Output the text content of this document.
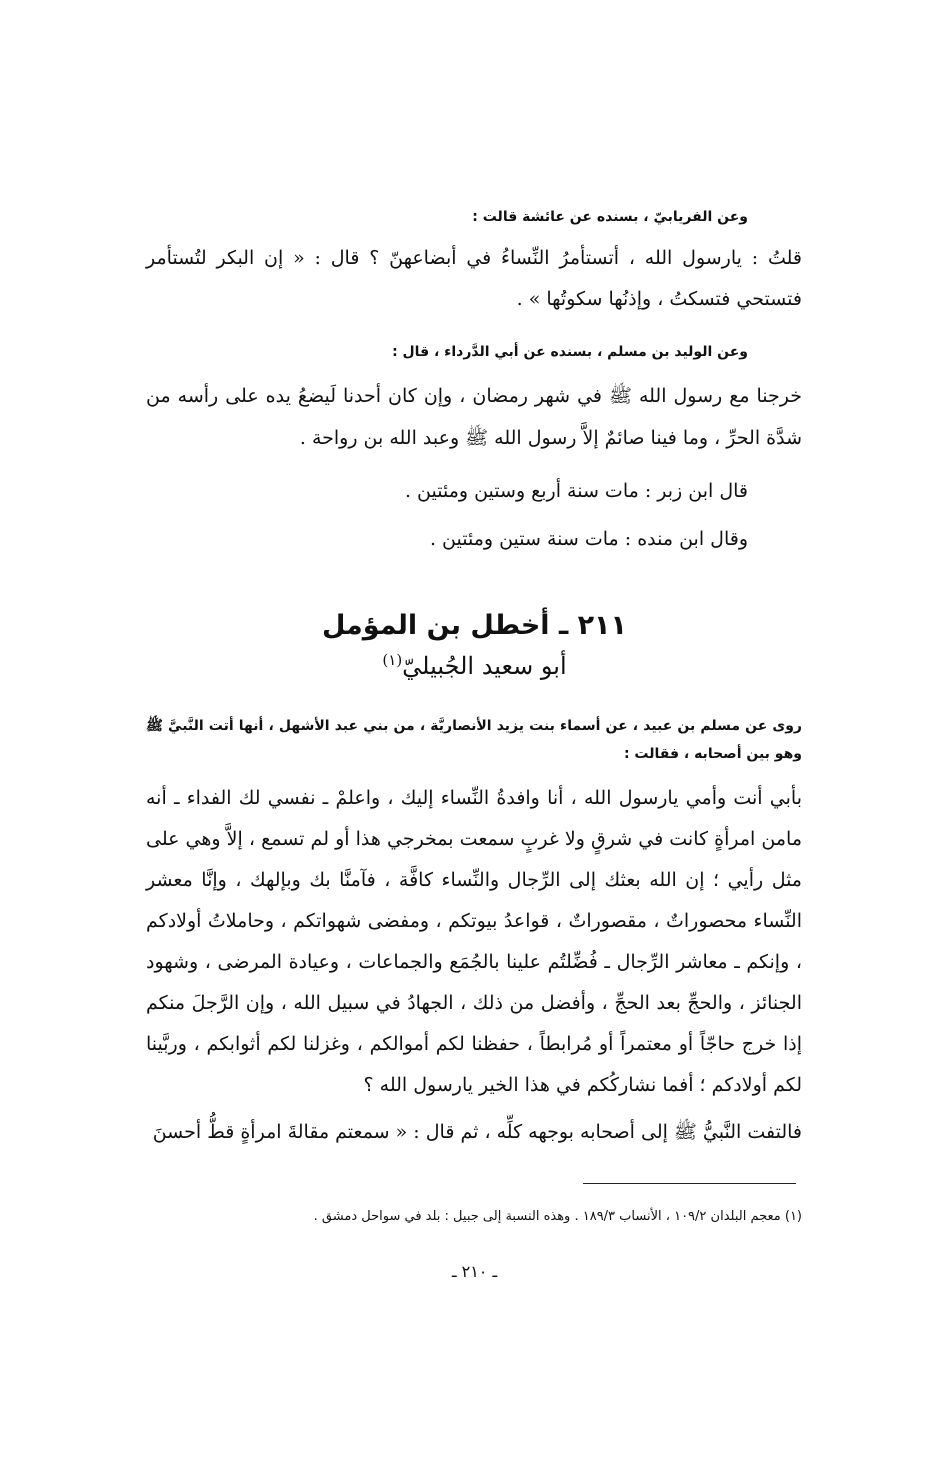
وعن الفريابيّ ، بسنده عن عائشة قالت :
قلتُ : يارسول الله ، أتستأمرُ النِّساءُ في أبضاعهنّ ؟ قال : « إن البكر لتُستأمر فتستحي فتسكتُ ، وإذنُها سكوتُها » .
وعن الوليد بن مسلم ، بسنده عن أبي الدَّرداء ، قال :
خرجنا مع رسول الله ﷺ في شهر رمضان ، وإن كان أحدنا لَيضعُ يده على رأسه من شدَّة الحرِّ ، وما فينا صائمٌ إلاَّ رسول الله ﷺ وعبد الله بن رواحة .
قال ابن زبر : مات سنة أربع وستين ومئتين .
وقال ابن منده : مات سنة ستين ومئتين .
٢١١ ـ أخطل بن المؤمل
أبو سعيد الجُبيليّ$^{(١)}$
روى عن مسلم بن عبيد ، عن أسماء بنت يزيد الأنصاريَّة ، من بني عبد الأشهل ، أنها أتت النَّبيَّ ﷺ وهو بين أصحابه ، فقالت :
بأبي أنت وأمي يارسول الله ، أنا وافدةُ النِّساء إليك ، واعلمْ ـ نفسي لك الفداء ـ أنه مامن امرأةٍ كانت في شرقٍ ولا غربٍ سمعت بمخرجي هذا أو لم تسمع ، إلاَّ وهي على مثل رأيي ؛ إن الله بعثك إلى الرِّجال والنِّساء كافَّة ، فآمنَّا بك وبإلهك ، وإنَّا معشر النِّساء محصوراتٌ ، مقصوراتٌ ، قواعدُ بيوتكم ، ومفضى شهواتكم ، وحاملاتُ أولادكم ، وإنكم ـ معاشر الرِّجال ـ فُضِّلتُم علينا بالجُمَع والجماعات ، وعيادة المرضى ، وشهود الجنائز ، والحجِّ بعد الحجِّ ، وأفضل من ذلك ، الجهادُ في سبيل الله ، وإن الرَّجلَ منكم إذا خرج حاجّاً أو معتمراً أو مُرابطاً ، حفظنا لكم أموالكم ، وغزلنا لكم أثوابكم ، وربَّينا لكم أولادكم ؛ أفما نشاركُكم في هذا الخير يارسول الله ؟
فالتفت النَّبيُّ ﷺ إلى أصحابه بوجهه كلِّه ، ثم قال : « سمعتم مقالةَ امرأةٍ قطُّ أحسنَ
(١) معجم البلدان ١٠٩/٢ ، الأنساب ١٨٩/٣ . وهذه النسبة إلى جبيل : بلد في سواحل دمشق .
ـ ٢١٠ ـ
